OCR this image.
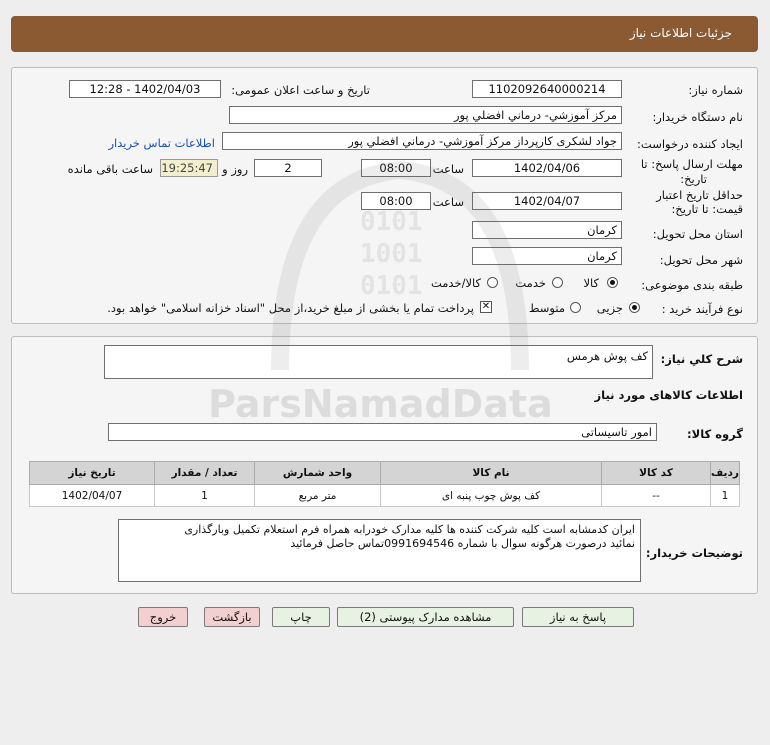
جزئیات اطلاعات نیاز
شماره نیاز:
1102092640000214
تاریخ و ساعت اعلان عمومی:
1402/04/03 - 12:28
نام دستگاه خریدار:
مرکز آموزشي- درماني افضلي پور
ایجاد کننده درخواست:
جواد لشکری کارپرداز مرکز آموزشي- درماني افضلي پور
اطلاعات تماس خریدار
مهلت ارسال پاسخ: تا
تاریخ:
1402/04/06
ساعت
08:00
2
روز و
19:25:47
ساعت باقی مانده
حداقل تاریخ اعتبار
قیمت: تا تاریخ:
1402/04/07
ساعت
08:00
استان محل تحویل:
کرمان
شهر محل تحویل:
کرمان
طبقه بندی موضوعی:
کالا
خدمت
کالا/خدمت
نوع فرآیند خرید :
جزیی
متوسط
✕
پرداخت تمام یا بخشی از مبلغ خرید،از محل "اسناد خزانه اسلامی" خواهد بود.
شرح کلي نياز:
کف پوش هرمس
اطلاعات کالاهای مورد نیاز
گروه کالا:
امور تاسیساتی
ردیف	کد کالا	نام کالا	واحد شمارش	تعداد / مقدار	تاریخ نیاز
1	--	کف پوش چوب پنبه ای	متر مربع	1	1402/04/07
توضیحات خریدار:
ایران کدمشابه است کلیه شرکت کننده ها کلیه مدارک خودرابه همراه فرم استعلام تکمیل وبارگذاری
نمائید درصورت هرگونه سوال با شماره 0991694546تماس حاصل فرمائید
پاسخ به نیاز
مشاهده مدارک پیوستی (2)
چاپ
بازگشت
خروج
